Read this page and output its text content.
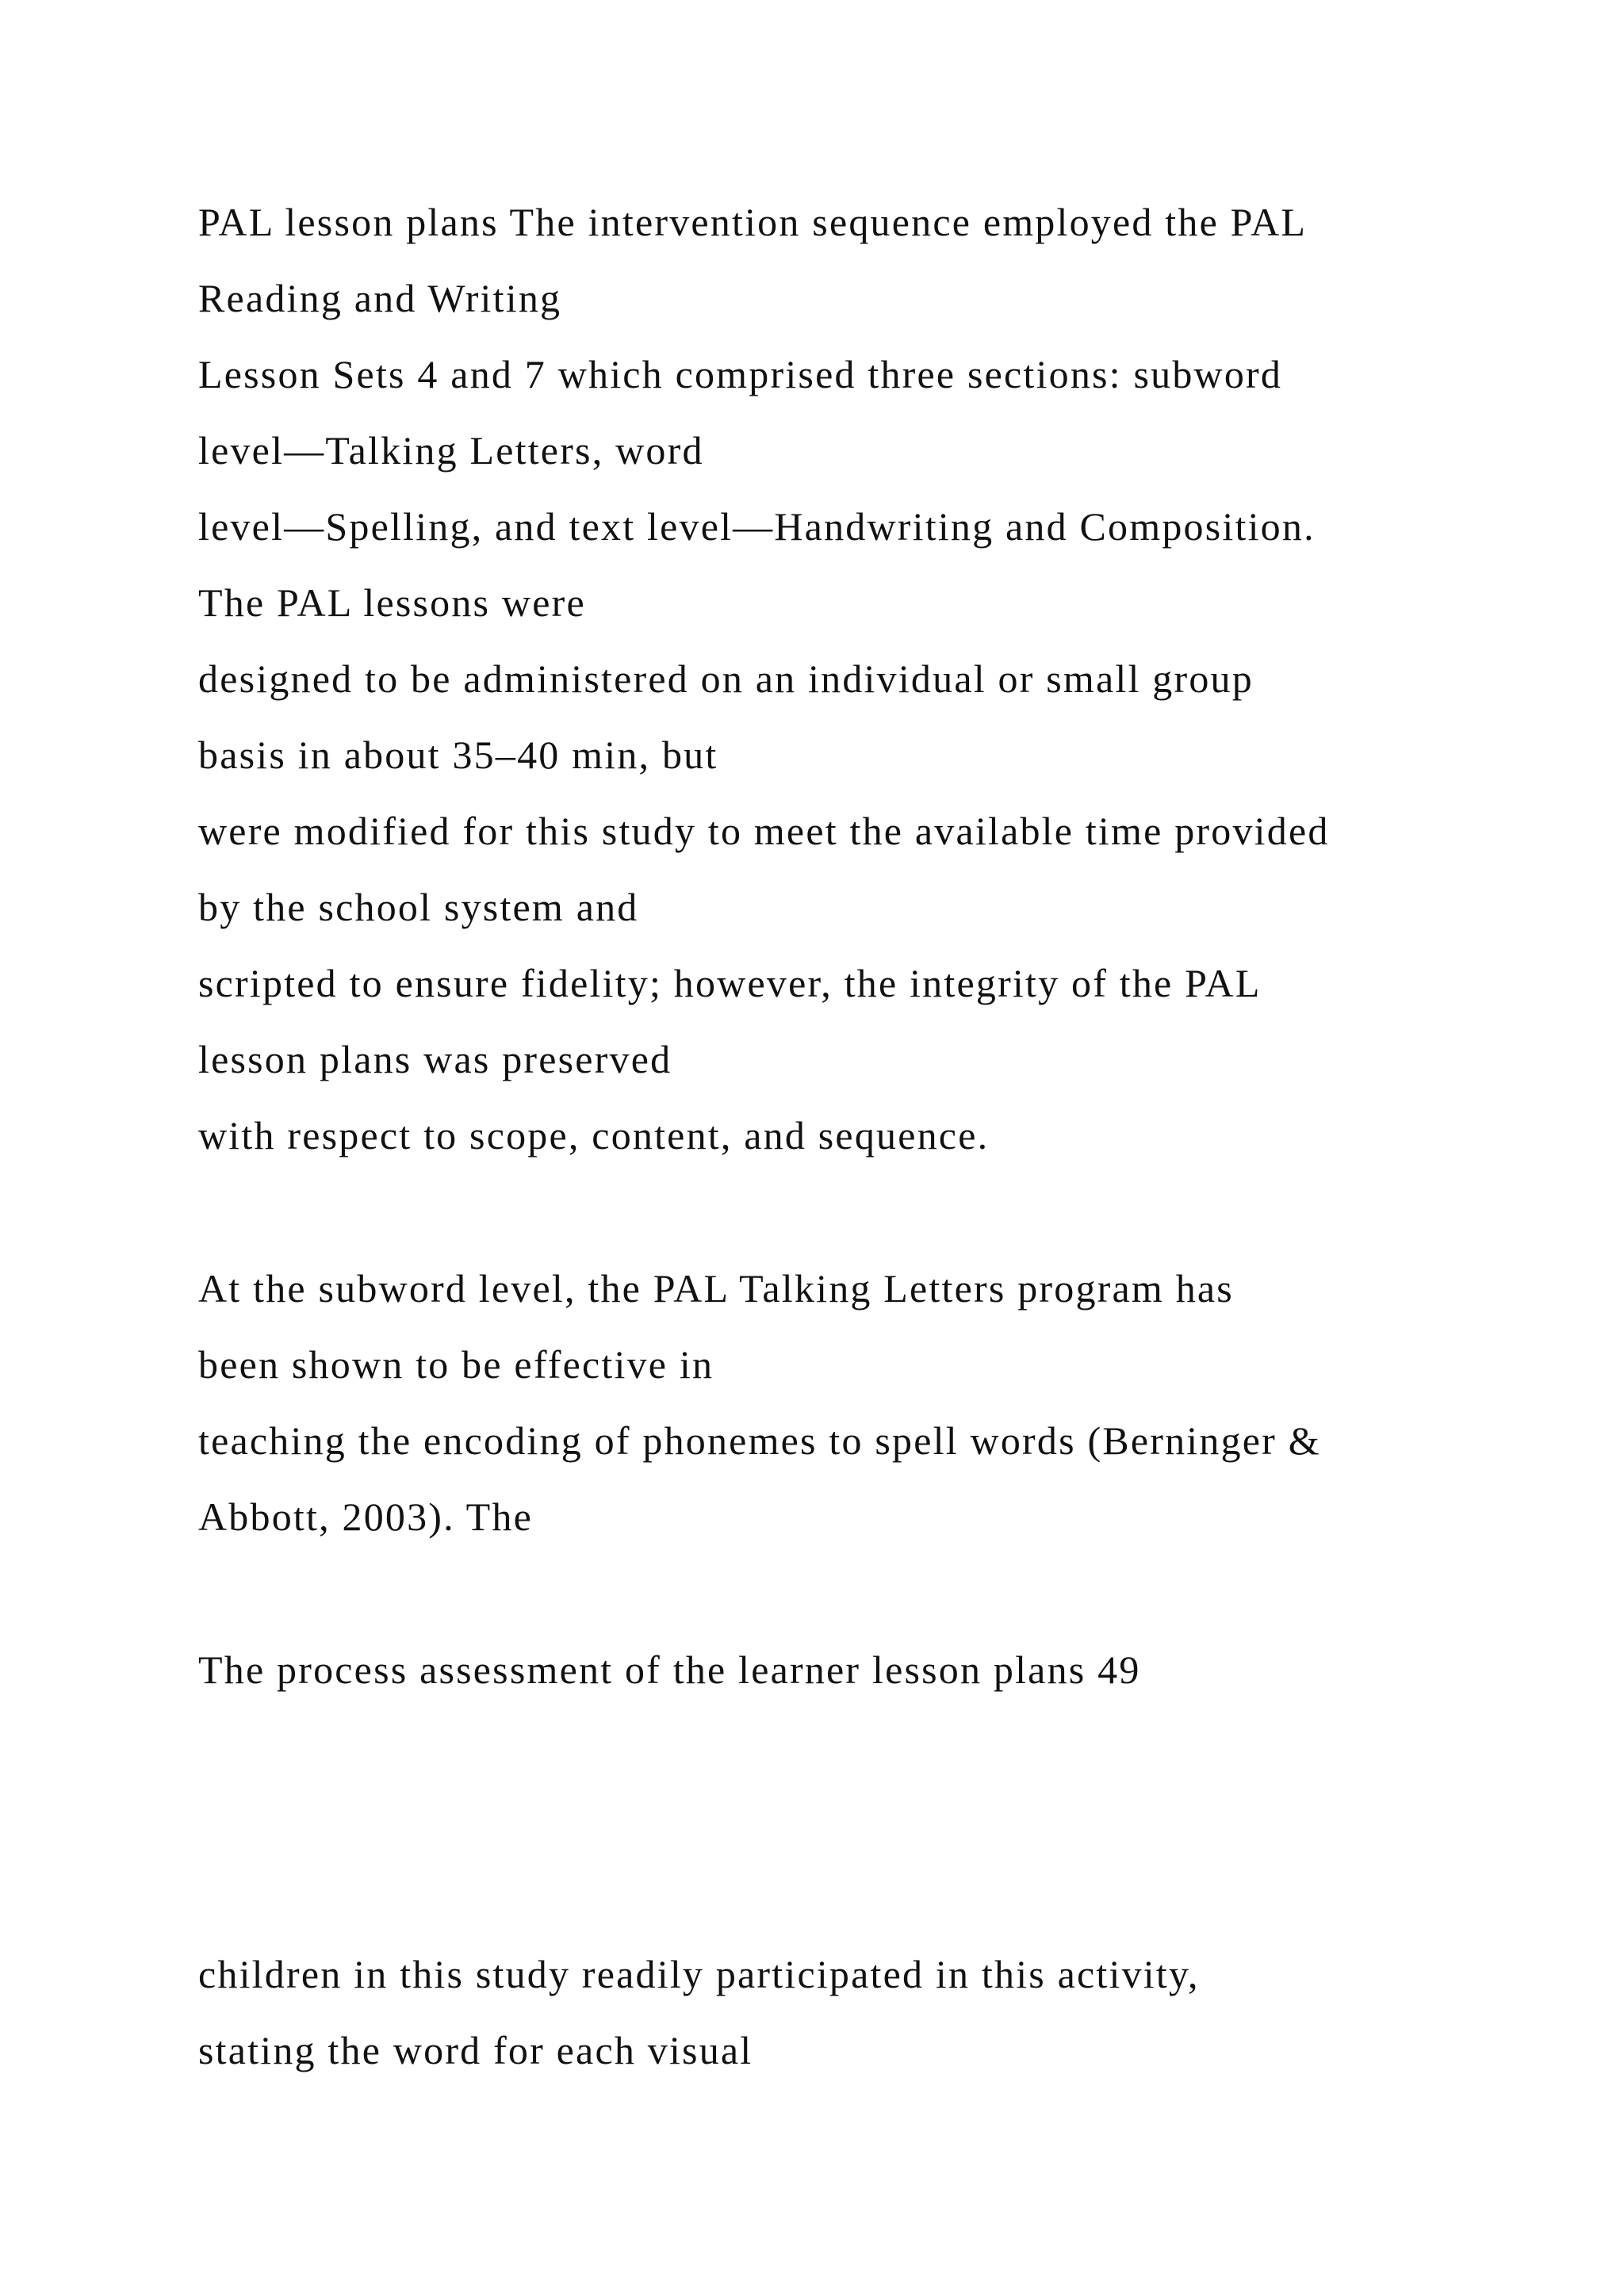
PAL lesson plans The intervention sequence employed the PAL
Reading and Writing
Lesson Sets 4 and 7 which comprised three sections: subword
level—Talking Letters, word
level—Spelling, and text level—Handwriting and Composition.
The PAL lessons were
designed to be administered on an individual or small group
basis in about 35–40 min, but
were modified for this study to meet the available time provided
by the school system and
scripted to ensure fidelity; however, the integrity of the PAL
lesson plans was preserved
with respect to scope, content, and sequence.
At the subword level, the PAL Talking Letters program has
been shown to be effective in
teaching the encoding of phonemes to spell words (Berninger &
Abbott, 2003). The
The process assessment of the learner lesson plans 49
children in this study readily participated in this activity,
stating the word for each visual
